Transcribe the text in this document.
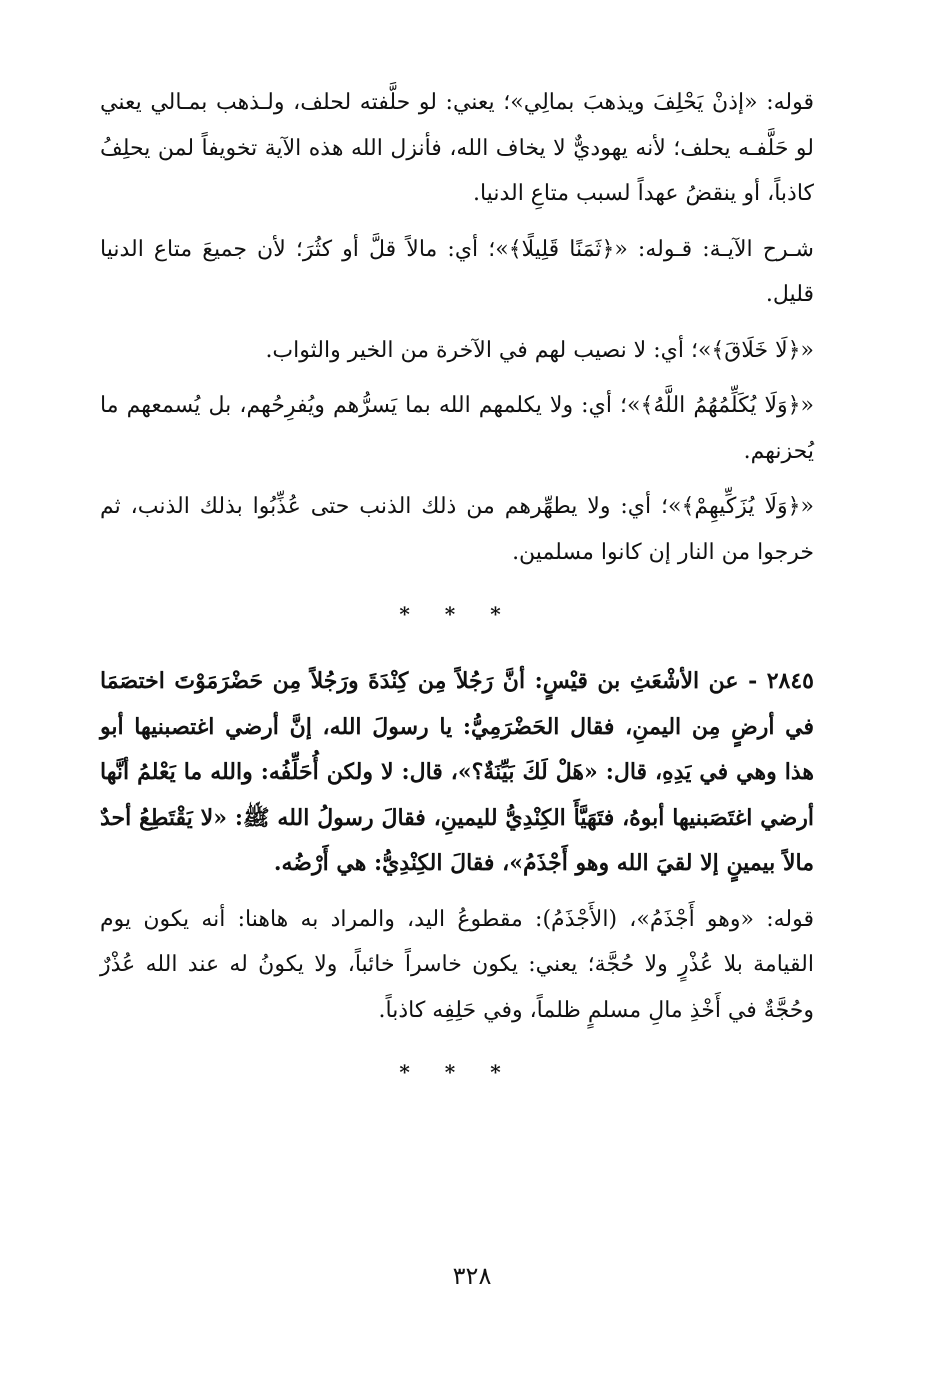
قوله: «إذنْ يَحْلِفَ ويذهبَ بمالِي»؛ يعني: لو حلَّفته لحلف، ولـذهب بمـالي يعني لو حَلَّفـه يحلف؛ لأنه يهوديٌّ لا يخاف الله، فأنزل الله هذه الآية تخويفاً لمن يحلِفُ كاذباً، أو ينقضُ عهداً لسبب متاعِ الدنيا.

شـرح الآيـة: قـوله: «﴿ثَمَنًا قَلِيلًا﴾»؛ أي: مالاً قلَّ أو كثُرَ؛ لأن جميعَ متاع الدنيا قليل.

«﴿لَا خَلَاقَ﴾»؛ أي: لا نصيب لهم في الآخرة من الخير والثواب.

«﴿وَلَا يُكَلِّمُهُمُ اللَّهُ﴾»؛ أي: ولا يكلمهم الله بما يَسرُّهم ويُفرِحُهم، بل يُسمعهم ما يُحزنهم.

«﴿وَلَا يُزَكِّيهِمْ﴾»؛ أي: ولا يطهِّرهم من ذلك الذنب حتى عُذِّبُوا بذلك الذنب، ثم خرجوا من النار إن كانوا مسلمين.

* * *

٢٨٤٥ - عن الأشْعَثِ بن قيْسٍ: أنَّ رَجُلاً مِن كِنْدَةَ ورَجُلاً مِن حَضْرَمَوْتَ اختصَمَا في أرضٍ مِن اليمنِ، فقال الحَضْرَمِيُّ: يا رسولَ الله، إنَّ أرضي اغتصبنيها أبو هذا وهي في يَدِهِ، قال: «هَلْ لَكَ بَيِّنَةٌ؟»، قال: لا ولكن أُحَلِّفُه: والله ما يَعْلمُ أنَّها أرضي اغتَصَبنيها أبوهُ، فتَهَيَّأَ الكِنْدِيُّ لليمينِ، فقالَ رسولُ الله ﷺ: «لا يَقْتَطِعُ أحدٌ مالاً بيمينٍ إلا لقيَ الله وهو أَجْذَمُ»، فقالَ الكِنْدِيُّ: هي أَرْضُه.

قوله: «وهو أَجْذَمُ»، (الأَجْذَمُ): مقطوعُ اليد، والمراد به هاهنا: أنه يكون يوم القيامة بلا عُذْرٍ ولا حُجَّة؛ يعني: يكون خاسراً خائباً، ولا يكونُ له عند الله عُذْرٌ وحُجَّةٌ في أَخْذِ مالِ مسلمٍ ظلماً، وفي حَلِفِه كاذباً.

* * *
٣٢٨
